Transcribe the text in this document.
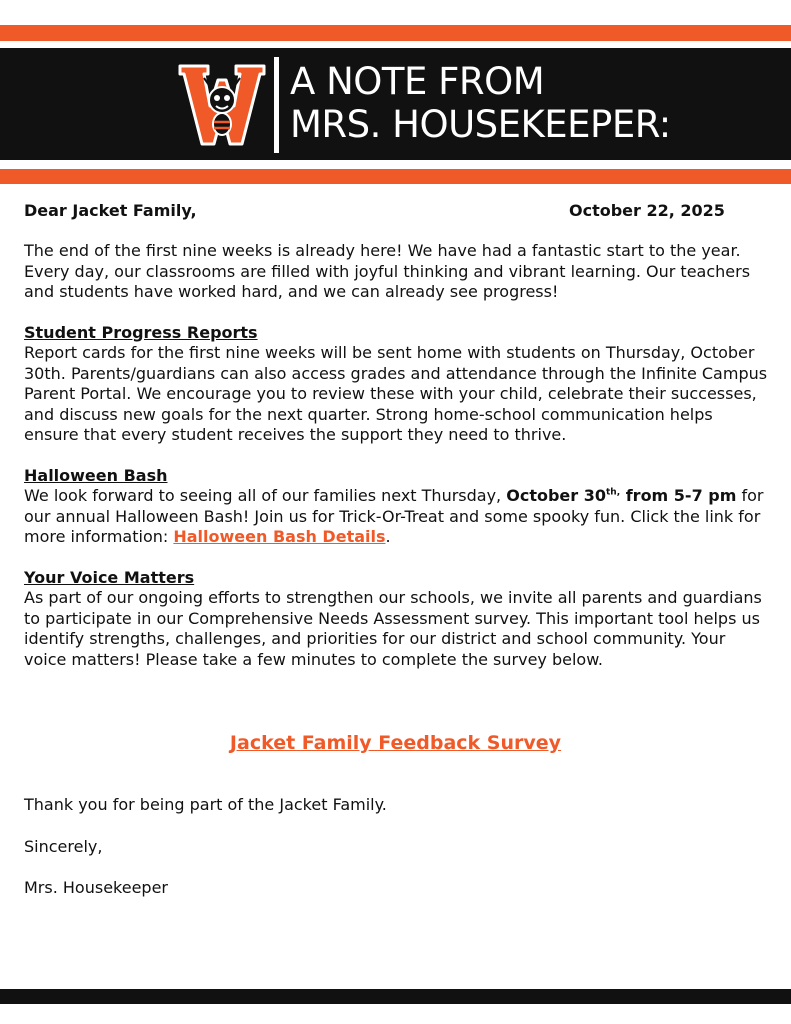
A NOTE FROM
MRS. HOUSEKEEPER:
Dear Jacket Family,	October 22, 2025

The end of the first nine weeks is already here! We have had a fantastic start to the year. Every day, our classrooms are filled with joyful thinking and vibrant learning. Our teachers and students have worked hard, and we can already see progress!

Student Progress Reports

Report cards for the first nine weeks will be sent home with students on Thursday, October 30th. Parents/guardians can also access grades and attendance through the Infinite Campus Parent Portal. We encourage you to review these with your child, celebrate their successes, and discuss new goals for the next quarter. Strong home-school communication helps ensure that every student receives the support they need to thrive.

Halloween Bash

We look forward to seeing all of our families next Thursday, October $30^{th,}$ from 5-7 pm for our annual Halloween Bash! Join us for Trick-Or-Treat and some spooky fun. Click the link for more information: Halloween Bash Details.

Your Voice Matters

As part of our ongoing efforts to strengthen our schools, we invite all parents and guardians to participate in our Comprehensive Needs Assessment survey. This important tool helps us identify strengths, challenges, and priorities for our district and school community. Your voice matters! Please take a few minutes to complete the survey below.

Jacket Family Feedback Survey
Thank you for being part of the Jacket Family.
Sincerely,
Mrs. Housekeeper
